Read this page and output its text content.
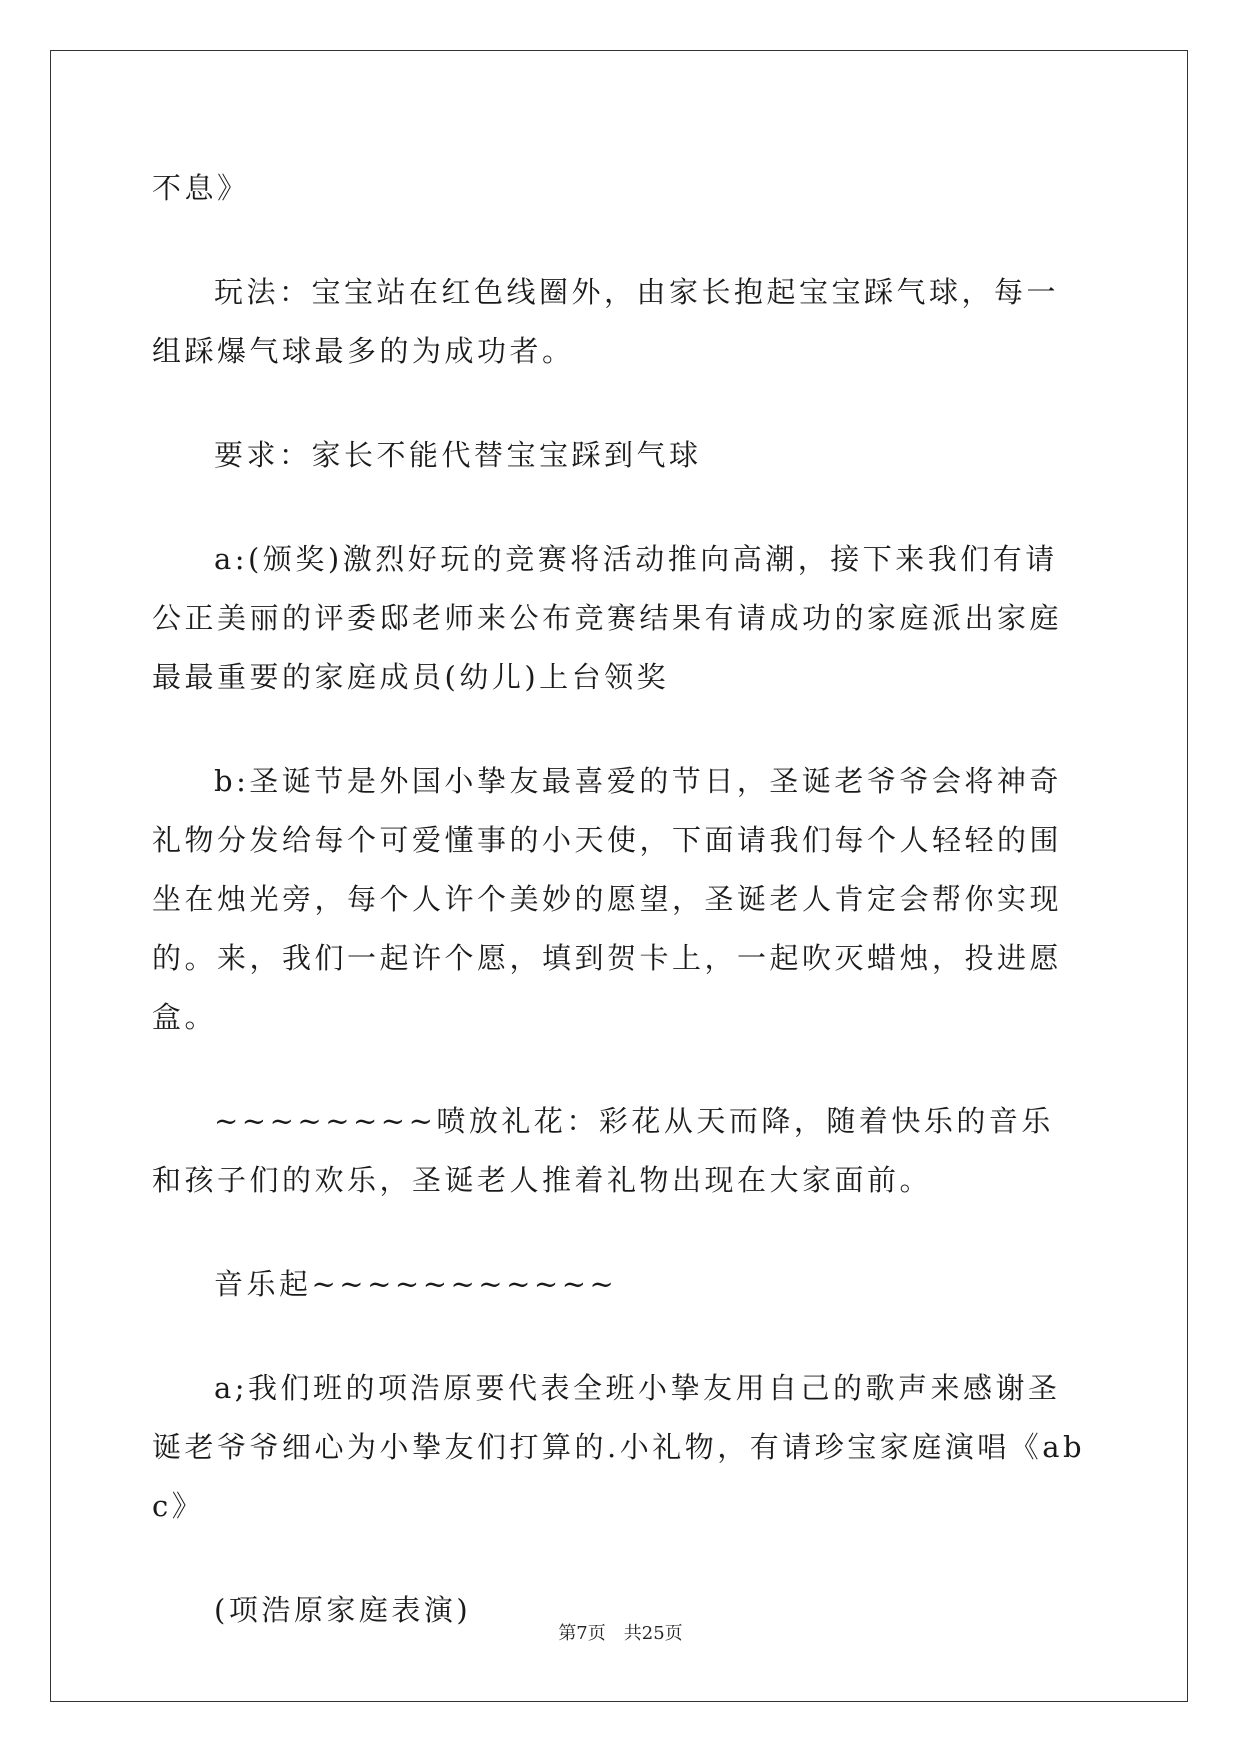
不息》

玩法：宝宝站在红色线圈外，由家长抱起宝宝踩气球，每一组踩爆气球最多的为成功者。

要求：家长不能代替宝宝踩到气球

a:(颁奖)激烈好玩的竞赛将活动推向高潮，接下来我们有请公正美丽的评委邸老师来公布竞赛结果有请成功的家庭派出家庭最最重要的家庭成员(幼儿)上台领奖

b:圣诞节是外国小挚友最喜爱的节日，圣诞老爷爷会将神奇礼物分发给每个可爱懂事的小天使，下面请我们每个人轻轻的围坐在烛光旁，每个人许个美妙的愿望，圣诞老人肯定会帮你实现的。来，我们一起许个愿，填到贺卡上，一起吹灭蜡烛，投进愿盒。

~~~~~~~~喷放礼花：彩花从天而降，随着快乐的音乐和孩子们的欢乐，圣诞老人推着礼物出现在大家面前。

音乐起~~~~~~~~~~~

a;我们班的项浩原要代表全班小挚友用自己的歌声来感谢圣诞老爷爷细心为小挚友们打算的.小礼物，有请珍宝家庭演唱《abc》

(项浩原家庭表演)

第7页　共25页
